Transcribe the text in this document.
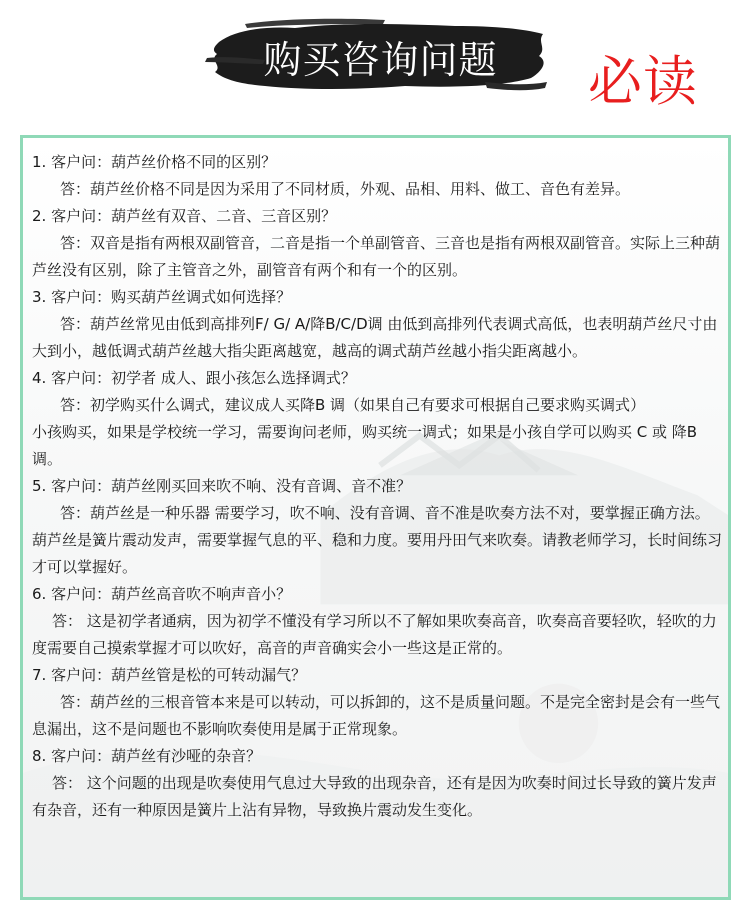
购买咨询问题	必读
1. 客户问：葫芦丝价格不同的区别？
答：葫芦丝价格不同是因为采用了不同材质，外观、品相、用料、做工、音色有差异。
2. 客户问：葫芦丝有双音、二音、三音区别？
答：双音是指有两根双副管音，二音是指一个单副管音、三音也是指有两根双副管音。实际上三种葫芦丝没有区别，除了主管音之外，副管音有两个和有一个的区别。
3. 客户问：购买葫芦丝调式如何选择？
答：葫芦丝常见由低到高排列F/ G/ A/降B/C/D调 由低到高排列代表调式高低，也表明葫芦丝尺寸由大到小，越低调式葫芦丝越大指尖距离越宽，越高的调式葫芦丝越小指尖距离越小。
4. 客户问：初学者 成人、跟小孩怎么选择调式？
答：初学购买什么调式，建议成人买降B 调（如果自己有要求可根据自己要求购买调式）
小孩购买，如果是学校统一学习，需要询问老师，购买统一调式；如果是小孩自学可以购买 C 或 降B调。
5. 客户问：葫芦丝刚买回来吹不响、没有音调、音不准？
答：葫芦丝是一种乐器 需要学习，吹不响、没有音调、音不准是吹奏方法不对，要掌握正确方法。葫芦丝是簧片震动发声，需要掌握气息的平、稳和力度。要用丹田气来吹奏。请教老师学习，长时间练习才可以掌握好。
6. 客户问：葫芦丝高音吹不响声音小？
答： 这是初学者通病，因为初学不懂没有学习所以不了解如果吹奏高音，吹奏高音要轻吹，轻吹的力度需要自己摸索掌握才可以吹好，高音的声音确实会小一些这是正常的。
7. 客户问：葫芦丝管是松的可转动漏气？
答：葫芦丝的三根音管本来是可以转动，可以拆卸的，这不是质量问题。不是完全密封是会有一些气息漏出，这不是问题也不影响吹奏使用是属于正常现象。
8. 客户问：葫芦丝有沙哑的杂音？
答： 这个问题的出现是吹奏使用气息过大导致的出现杂音，还有是因为吹奏时间过长导致的簧片发声有杂音，还有一种原因是簧片上沾有异物，导致换片震动发生变化。
